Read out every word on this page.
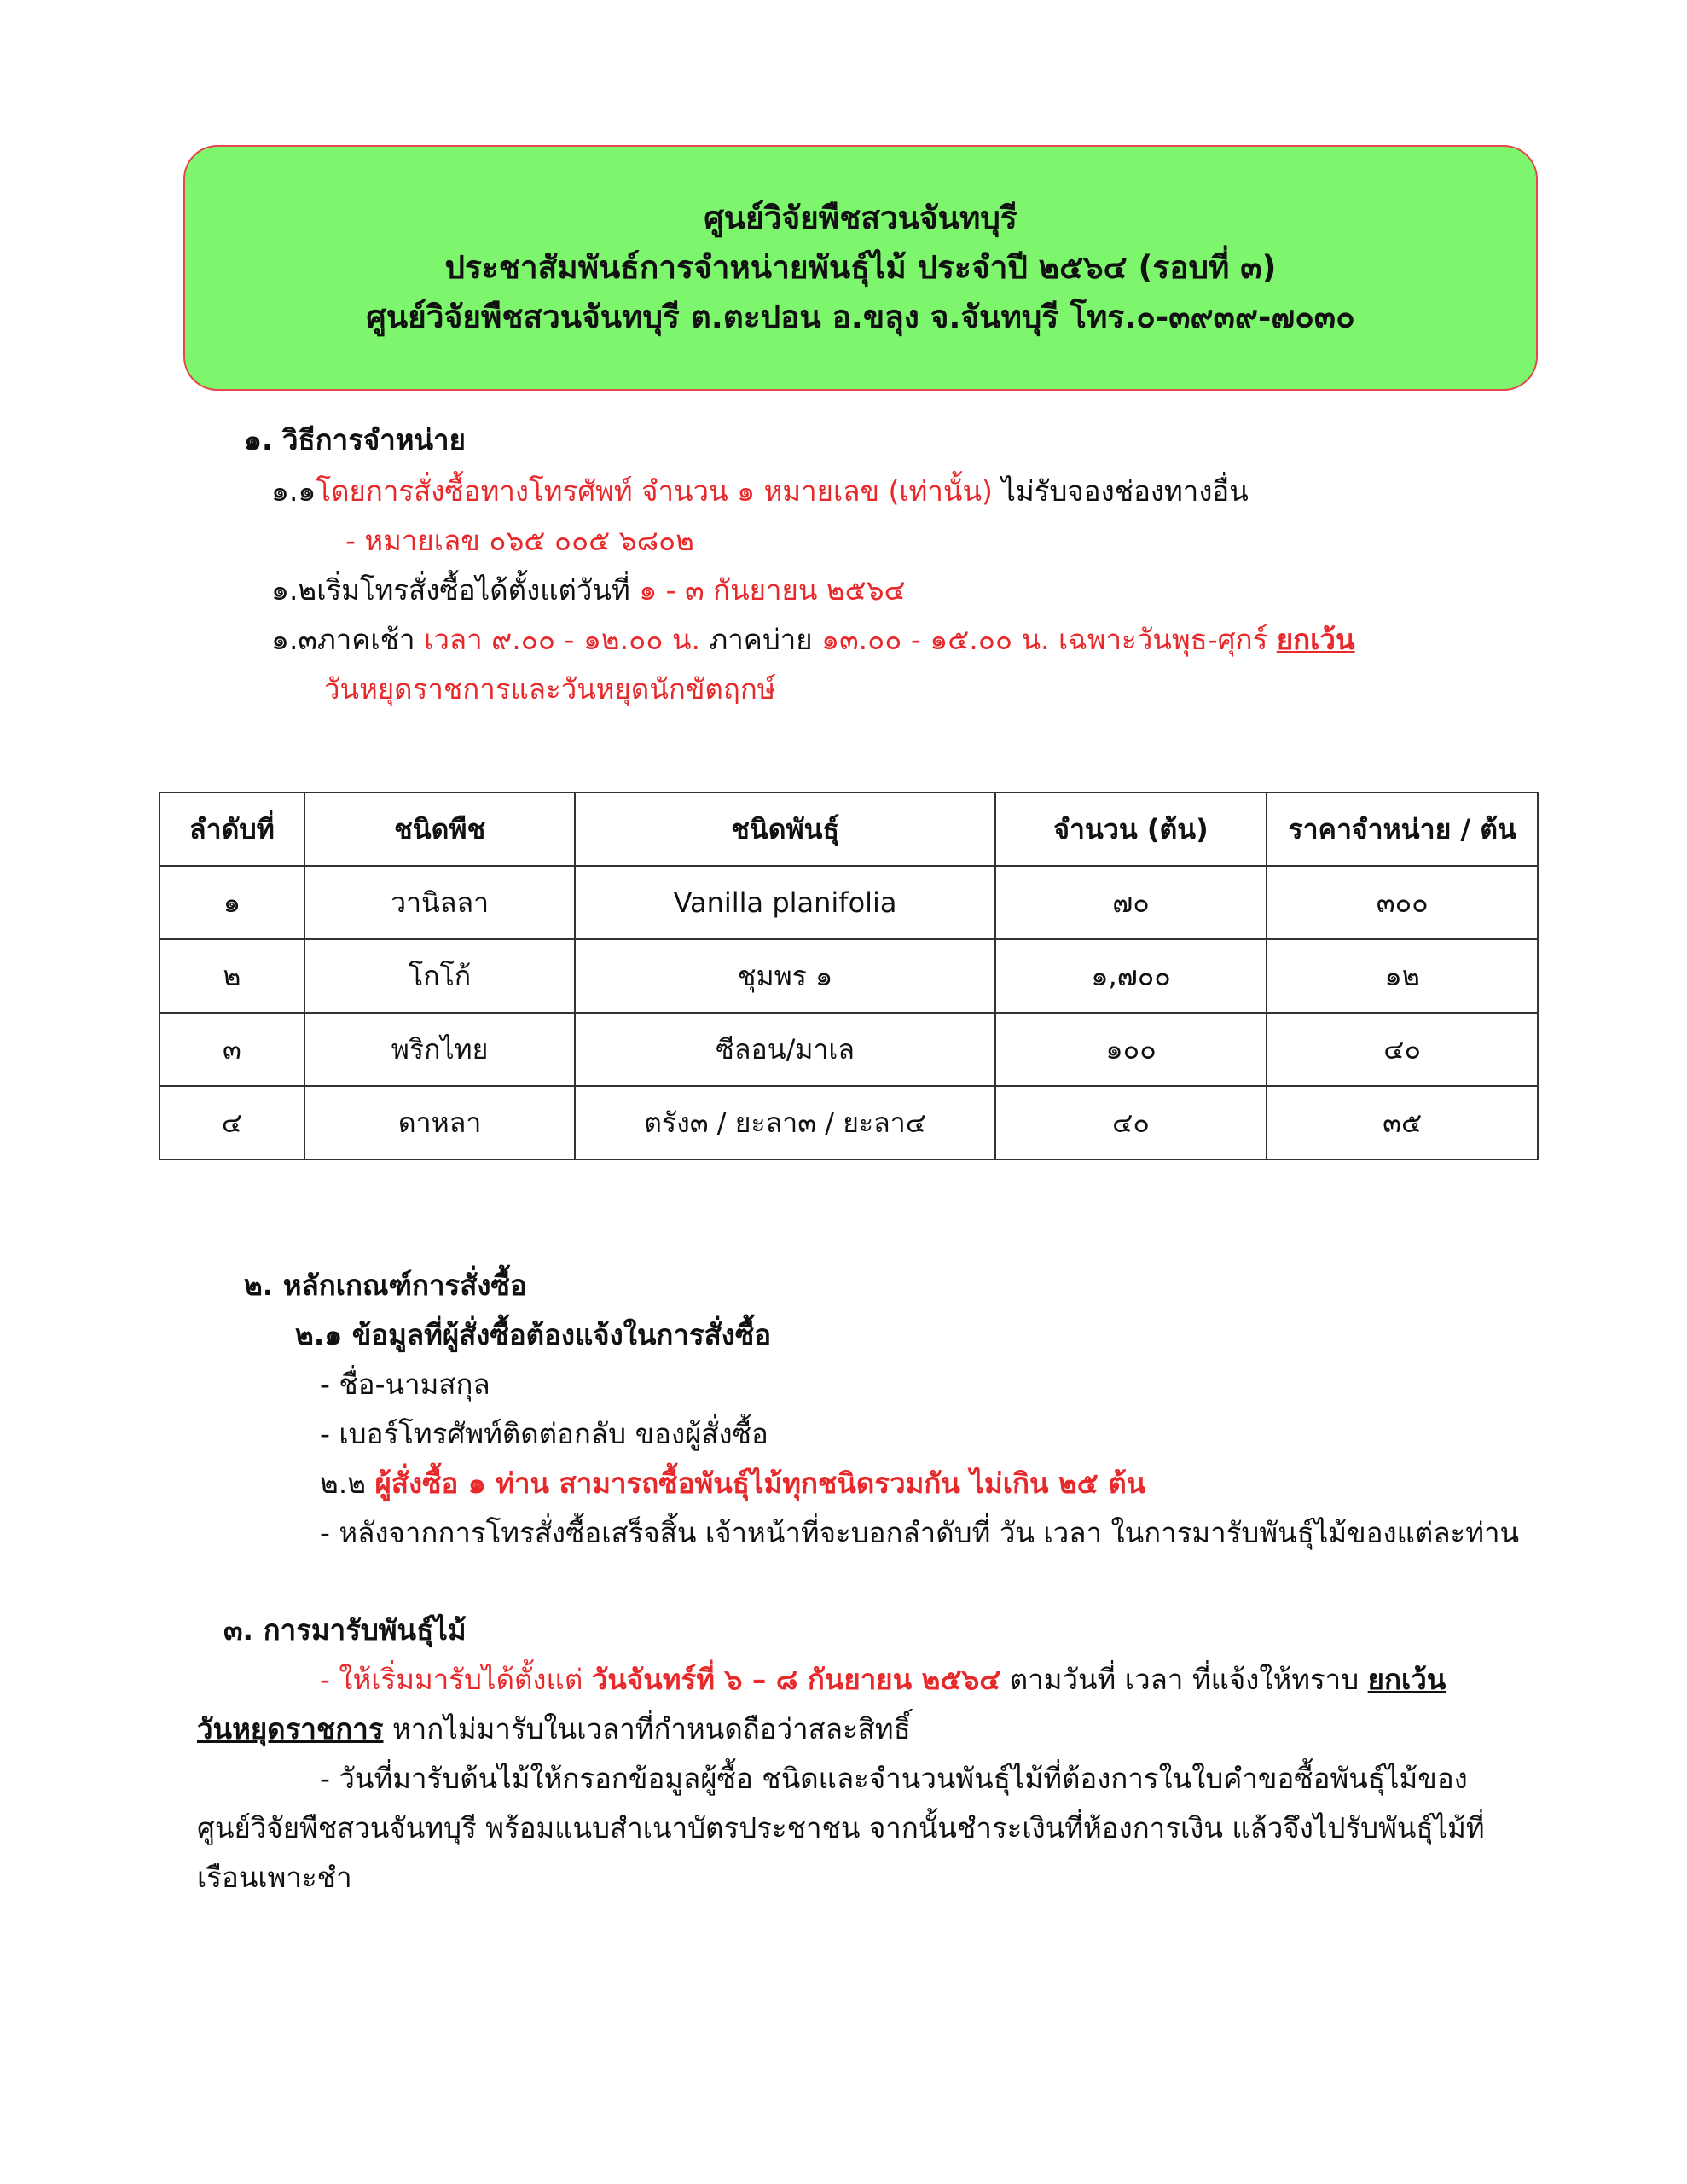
ศูนย์วิจัยพืชสวนจันทบุรี
ประชาสัมพันธ์การจำหน่ายพันธุ์ไม้ ประจำปี ๒๕๖๔ (รอบที่ ๓)
ศูนย์วิจัยพืชสวนจันทบุรี ต.ตะปอน อ.ขลุง จ.จันทบุรี โทร.๐-๓๙๓๙-๗๐๓๐
๑. วิธีการจำหน่าย
๑.๑โดยการสั่งซื้อทางโทรศัพท์ จำนวน ๑ หมายเลข (เท่านั้น) ไม่รับจองช่องทางอื่น
- หมายเลข ๐๖๕ ๐๐๕ ๖๘๐๒
๑.๒เริ่มโทรสั่งซื้อได้ตั้งแต่วันที่ ๑ - ๓ กันยายน ๒๕๖๔
๑.๓ภาคเช้า เวลา ๙.๐๐ - ๑๒.๐๐ น. ภาคบ่าย ๑๓.๐๐ - ๑๕.๐๐ น. เฉพาะวันพุธ-ศุกร์ ยกเว้น
วันหยุดราชการและวันหยุดนักขัตฤกษ์
ลำดับที่	ชนิดพืช	ชนิดพันธุ์	จำนวน (ต้น)	ราคาจำหน่าย / ต้น
๑	วานิลลา	Vanilla planifolia	๗๐	๓๐๐
๒	โกโก้	ชุมพร ๑	๑,๗๐๐	๑๒
๓	พริกไทย	ซีลอน/มาเล	๑๐๐	๔๐
๔	ดาหลา	ตรัง๓ / ยะลา๓ / ยะลา๔	๔๐	๓๕
๒. หลักเกณฑ์การสั่งซื้อ
๒.๑ ข้อมูลที่ผู้สั่งซื้อต้องแจ้งในการสั่งซื้อ
- ชื่อ-นามสกุล
- เบอร์โทรศัพท์ติดต่อกลับ ของผู้สั่งซื้อ
๒.๒ ผู้สั่งซื้อ ๑ ท่าน สามารถซื้อพันธุ์ไม้ทุกชนิดรวมกัน ไม่เกิน ๒๕ ต้น
- หลังจากการโทรสั่งซื้อเสร็จสิ้น เจ้าหน้าที่จะบอกลำดับที่ วัน เวลา ในการมารับพันธุ์ไม้ของแต่ละท่าน
๓. การมารับพันธุ์ไม้
- ให้เริ่มมารับได้ตั้งแต่ วันจันทร์ที่ ๖ – ๘ กันยายน ๒๕๖๔ ตามวันที่ เวลา ที่แจ้งให้ทราบ ยกเว้น
วันหยุดราชการ หากไม่มารับในเวลาที่กำหนดถือว่าสละสิทธิ์
- วันที่มารับต้นไม้ให้กรอกข้อมูลผู้ซื้อ ชนิดและจำนวนพันธุ์ไม้ที่ต้องการในใบคำขอซื้อพันธุ์ไม้ของ
ศูนย์วิจัยพืชสวนจันทบุรี พร้อมแนบสำเนาบัตรประชาชน จากนั้นชำระเงินที่ห้องการเงิน แล้วจึงไปรับพันธุ์ไม้ที่
เรือนเพาะชำ
